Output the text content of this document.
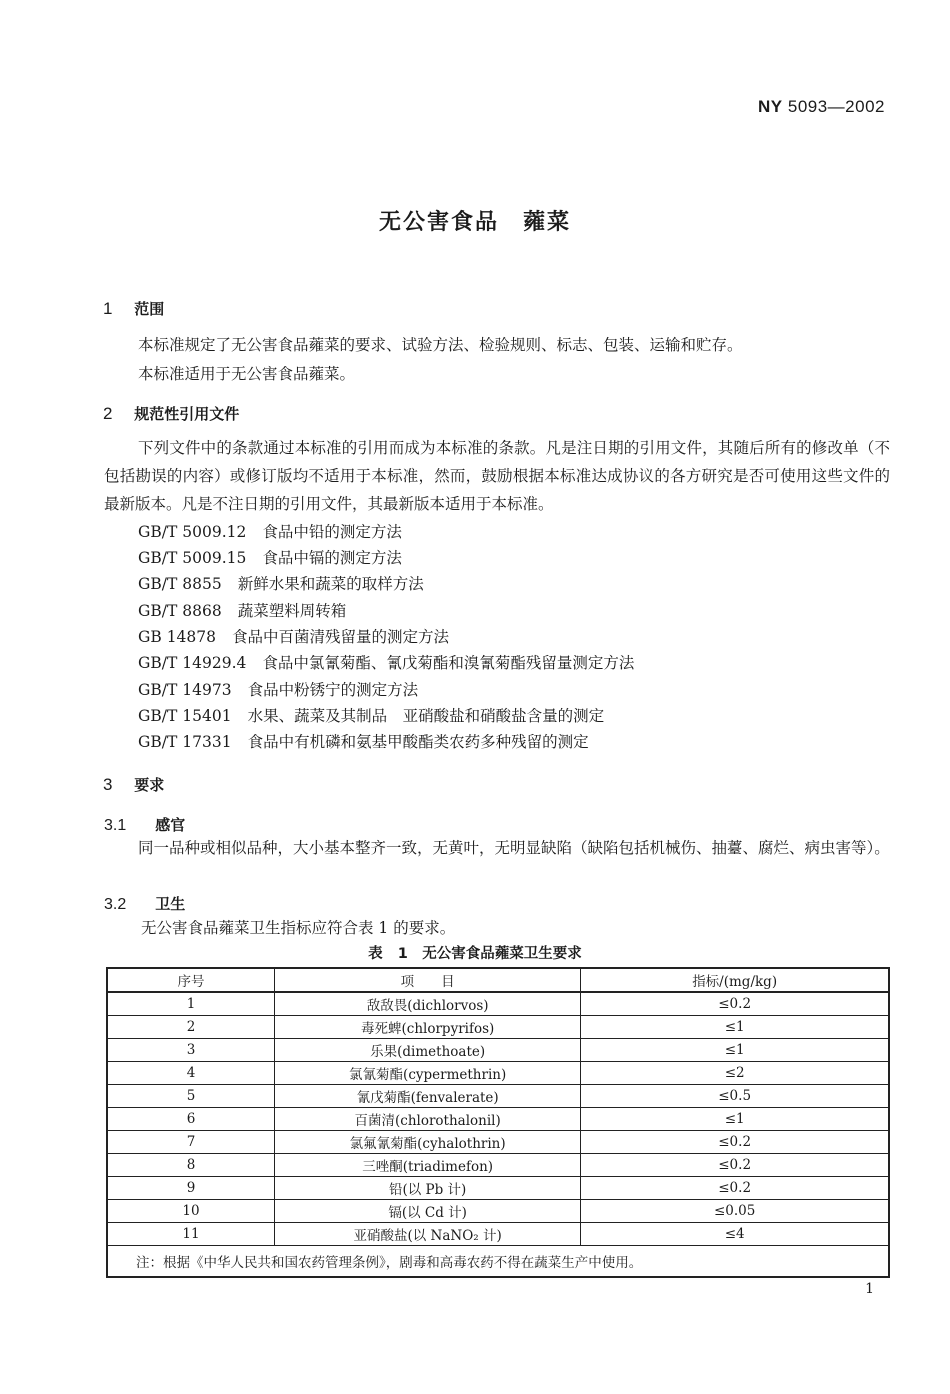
NY 5093—2002
无公害食品　蕹菜
1 范围
本标准规定了无公害食品蕹菜的要求、试验方法、检验规则、标志、包装、运输和贮存。
本标准适用于无公害食品蕹菜。
2 规范性引用文件
下列文件中的条款通过本标准的引用而成为本标准的条款。凡是注日期的引用文件，其随后所有的修改单（不包括勘误的内容）或修订版均不适用于本标准，然而，鼓励根据本标准达成协议的各方研究是否可使用这些文件的最新版本。凡是不注日期的引用文件，其最新版本适用于本标准。
GB/T 5009.12 食品中铅的测定方法
GB/T 5009.15 食品中镉的测定方法
GB/T 8855 新鲜水果和蔬菜的取样方法
GB/T 8868 蔬菜塑料周转箱
GB 14878 食品中百菌清残留量的测定方法
GB/T 14929.4 食品中氯氰菊酯、氰戊菊酯和溴氰菊酯残留量测定方法
GB/T 14973 食品中粉锈宁的测定方法
GB/T 15401 水果、蔬菜及其制品　亚硝酸盐和硝酸盐含量的测定
GB/T 17331 食品中有机磷和氨基甲酸酯类农药多种残留的测定
3 要求
3.1 感官
同一品种或相似品种，大小基本整齐一致，无黄叶，无明显缺陷（缺陷包括机械伤、抽薹、腐烂、病虫害等）。
3.2 卫生
无公害食品蕹菜卫生指标应符合表 1 的要求。
表 1　无公害食品蕹菜卫生要求
序号	项　　目	指标/(mg/kg)
1	敌敌畏(dichlorvos)	≤0.2
2	毒死蜱(chlorpyrifos)	≤1
3	乐果(dimethoate)	≤1
4	氯氰菊酯(cypermethrin)	≤2
5	氰戊菊酯(fenvalerate)	≤0.5
6	百菌清(chlorothalonil)	≤1
7	氯氟氰菊酯(cyhalothrin)	≤0.2
8	三唑酮(triadimefon)	≤0.2
9	铅(以 Pb 计)	≤0.2
10	镉(以 Cd 计)	≤0.05
11	亚硝酸盐(以 NaNO₂ 计)	≤4
注：根据《中华人民共和国农药管理条例》，剧毒和高毒农药不得在蔬菜生产中使用。		
1
